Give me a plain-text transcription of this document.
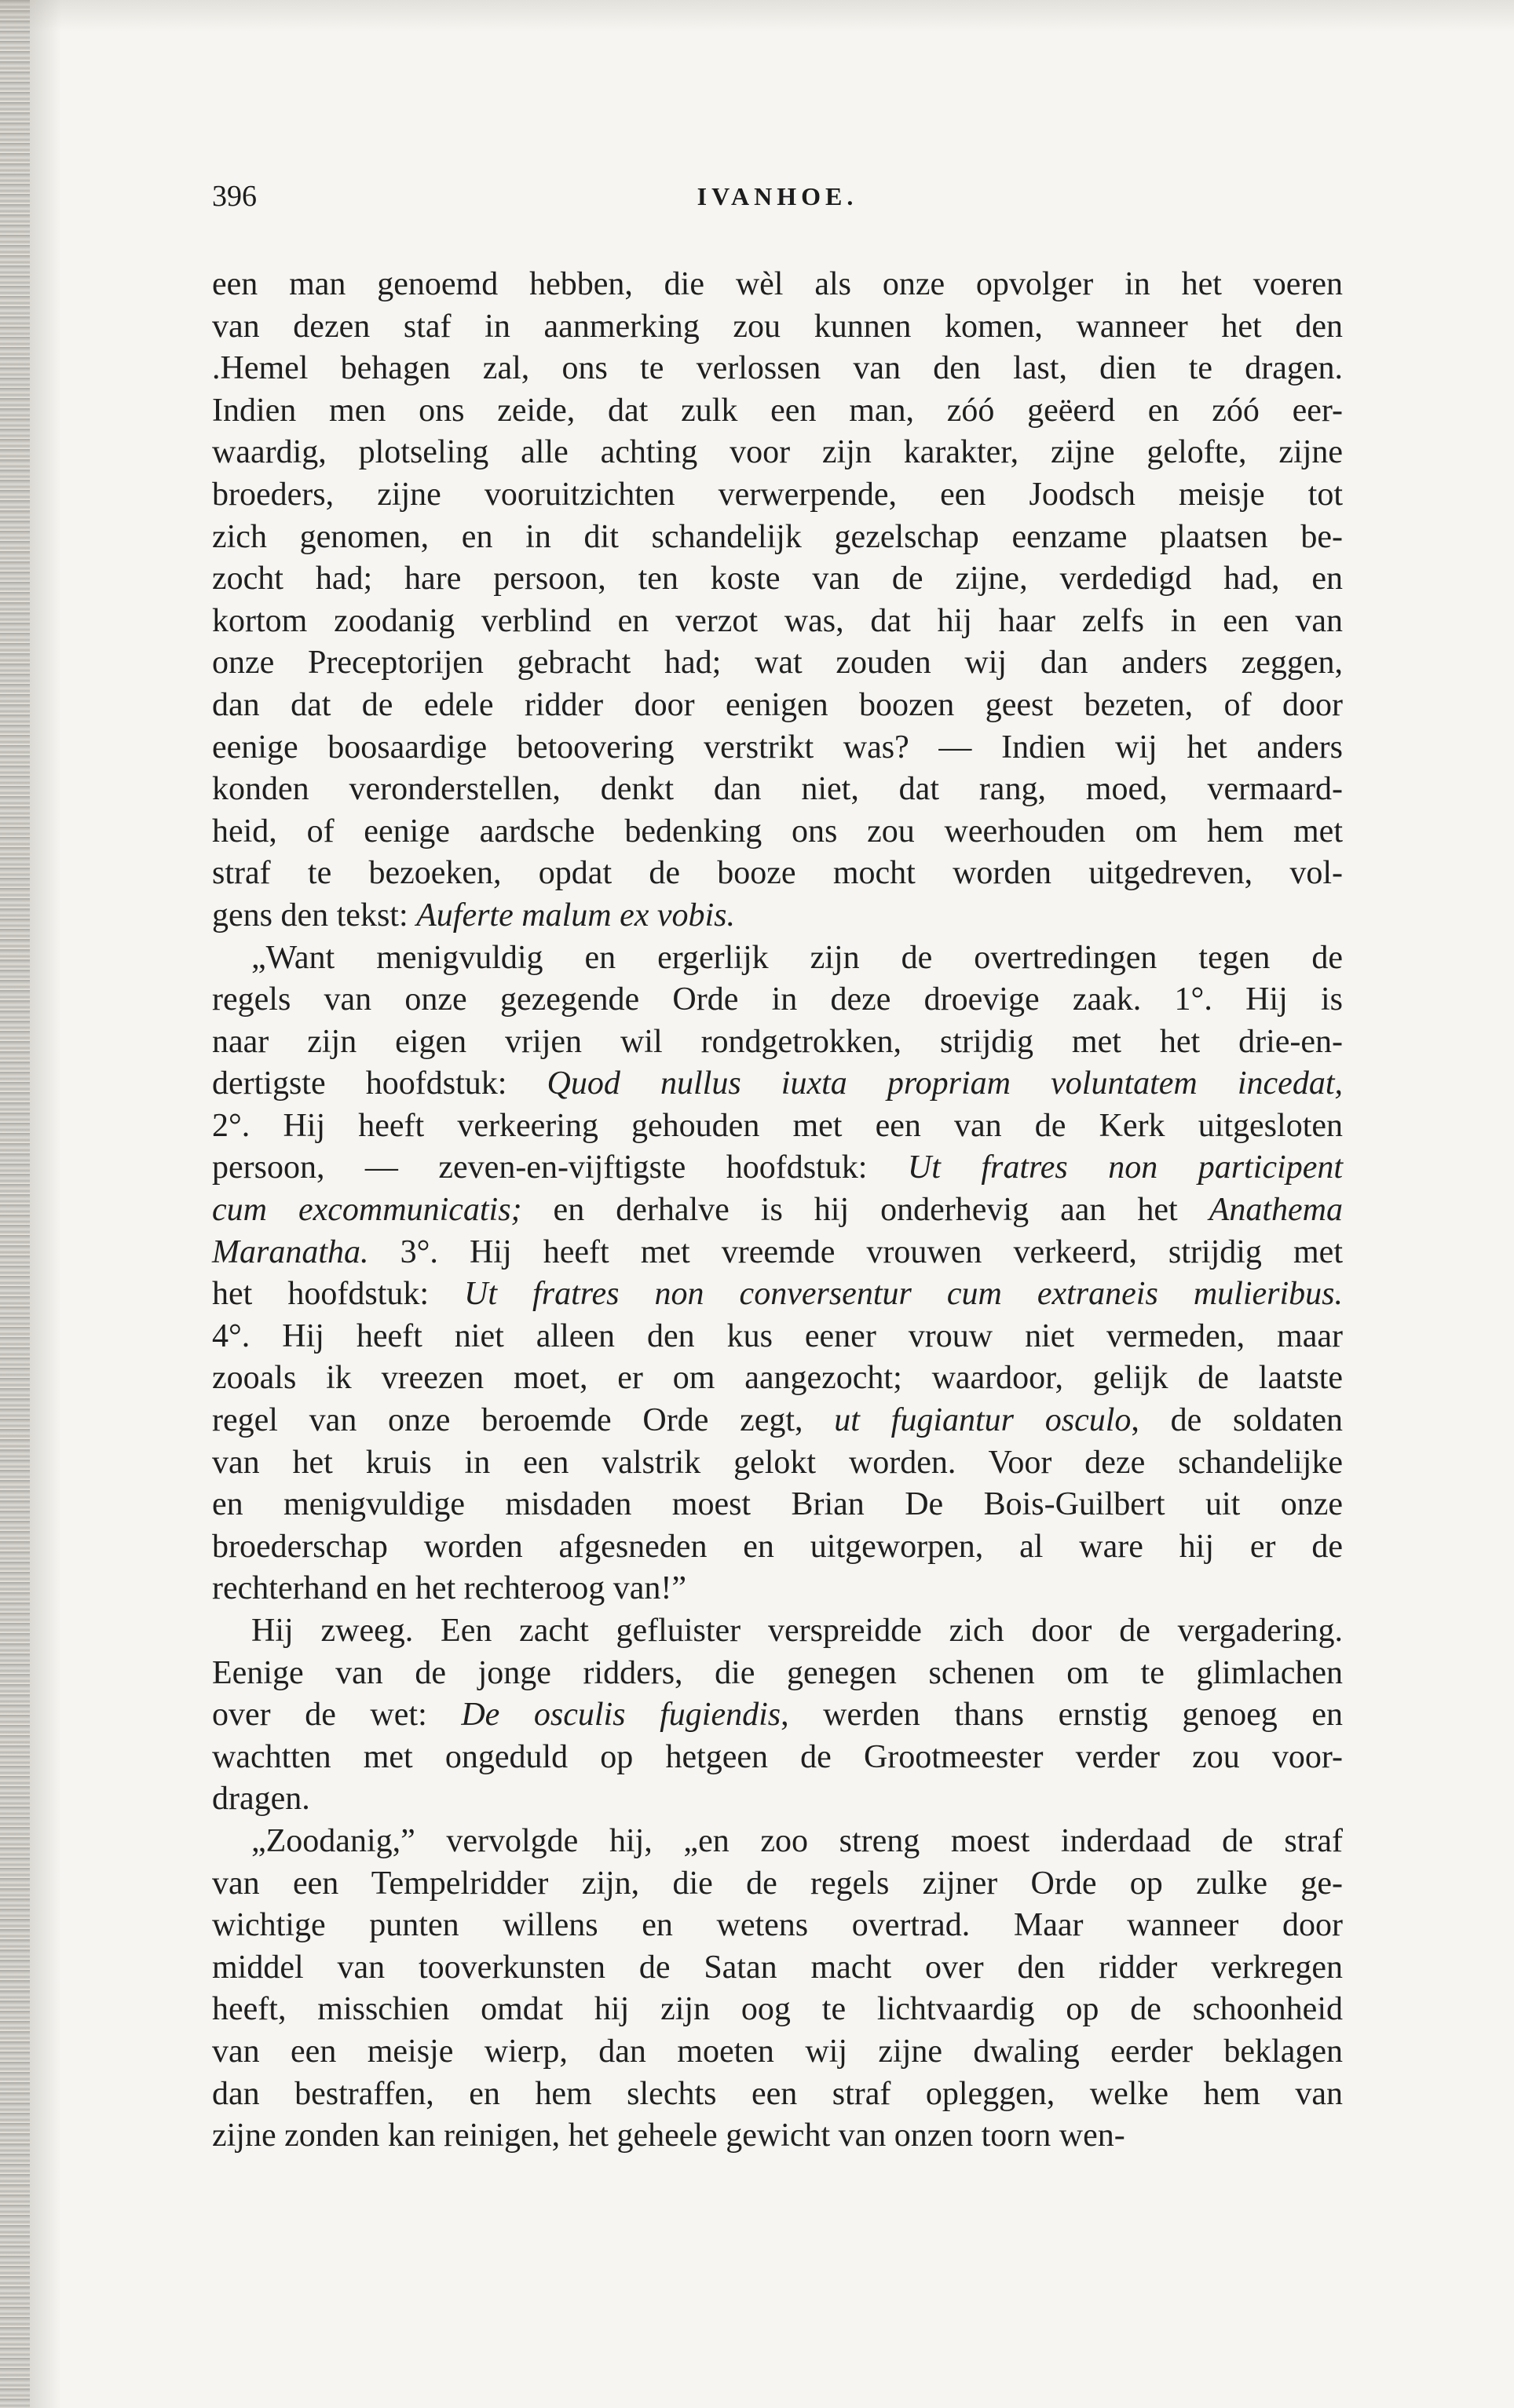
396	IVANHOE.
een man genoemd hebben, die wèl als onze opvolger in het voeren
van dezen staf in aanmerking zou kunnen komen, wanneer het den
.Hemel behagen zal, ons te verlossen van den last, dien te dragen.
Indien men ons zeide, dat zulk een man, zóó geëerd en zóó eer-
waardig, plotseling alle achting voor zijn karakter, zijne gelofte, zijne
broeders, zijne vooruitzichten verwerpende, een Joodsch meisje tot
zich genomen, en in dit schandelijk gezelschap eenzame plaatsen be-
zocht had; hare persoon, ten koste van de zijne, verdedigd had, en
kortom zoodanig verblind en verzot was, dat hij haar zelfs in een van
onze Preceptorijen gebracht had; wat zouden wij dan anders zeggen,
dan dat de edele ridder door eenigen boozen geest bezeten, of door
eenige boosaardige betoovering verstrikt was? — Indien wij het anders
konden veronderstellen, denkt dan niet, dat rang, moed, vermaard-
heid, of eenige aardsche bedenking ons zou weerhouden om hem met
straf te bezoeken, opdat de booze mocht worden uitgedreven, vol-
gens den tekst: Auferte malum ex vobis.
„Want menigvuldig en ergerlijk zijn de overtredingen tegen de
regels van onze gezegende Orde in deze droevige zaak. 1°. Hij is
naar zijn eigen vrijen wil rondgetrokken, strijdig met het drie-en-
dertigste hoofdstuk: Quod nullus iuxta propriam voluntatem incedat,
2°. Hij heeft verkeering gehouden met een van de Kerk uitgesloten
persoon, — zeven-en-vijftigste hoofdstuk: Ut fratres non participent
cum excommunicatis; en derhalve is hij onderhevig aan het Anathema
Maranatha. 3°. Hij heeft met vreemde vrouwen verkeerd, strijdig met
het hoofdstuk: Ut fratres non conversentur cum extraneis mulieribus.
4°. Hij heeft niet alleen den kus eener vrouw niet vermeden, maar
zooals ik vreezen moet, er om aangezocht; waardoor, gelijk de laatste
regel van onze beroemde Orde zegt, ut fugiantur osculo, de soldaten
van het kruis in een valstrik gelokt worden. Voor deze schandelijke
en menigvuldige misdaden moest Brian De Bois-Guilbert uit onze
broederschap worden afgesneden en uitgeworpen, al ware hij er de
rechterhand en het rechteroog van!”
Hij zweeg. Een zacht gefluister verspreidde zich door de vergadering.
Eenige van de jonge ridders, die genegen schenen om te glimlachen
over de wet: De osculis fugiendis, werden thans ernstig genoeg en
wachtten met ongeduld op hetgeen de Grootmeester verder zou voor-
dragen.
„Zoodanig,” vervolgde hij, „en zoo streng moest inderdaad de straf
van een Tempelridder zijn, die de regels zijner Orde op zulke ge-
wichtige punten willens en wetens overtrad. Maar wanneer door
middel van tooverkunsten de Satan macht over den ridder verkregen
heeft, misschien omdat hij zijn oog te lichtvaardig op de schoonheid
van een meisje wierp, dan moeten wij zijne dwaling eerder beklagen
dan bestraffen, en hem slechts een straf opleggen, welke hem van
zijne zonden kan reinigen, het geheele gewicht van onzen toorn wen-
